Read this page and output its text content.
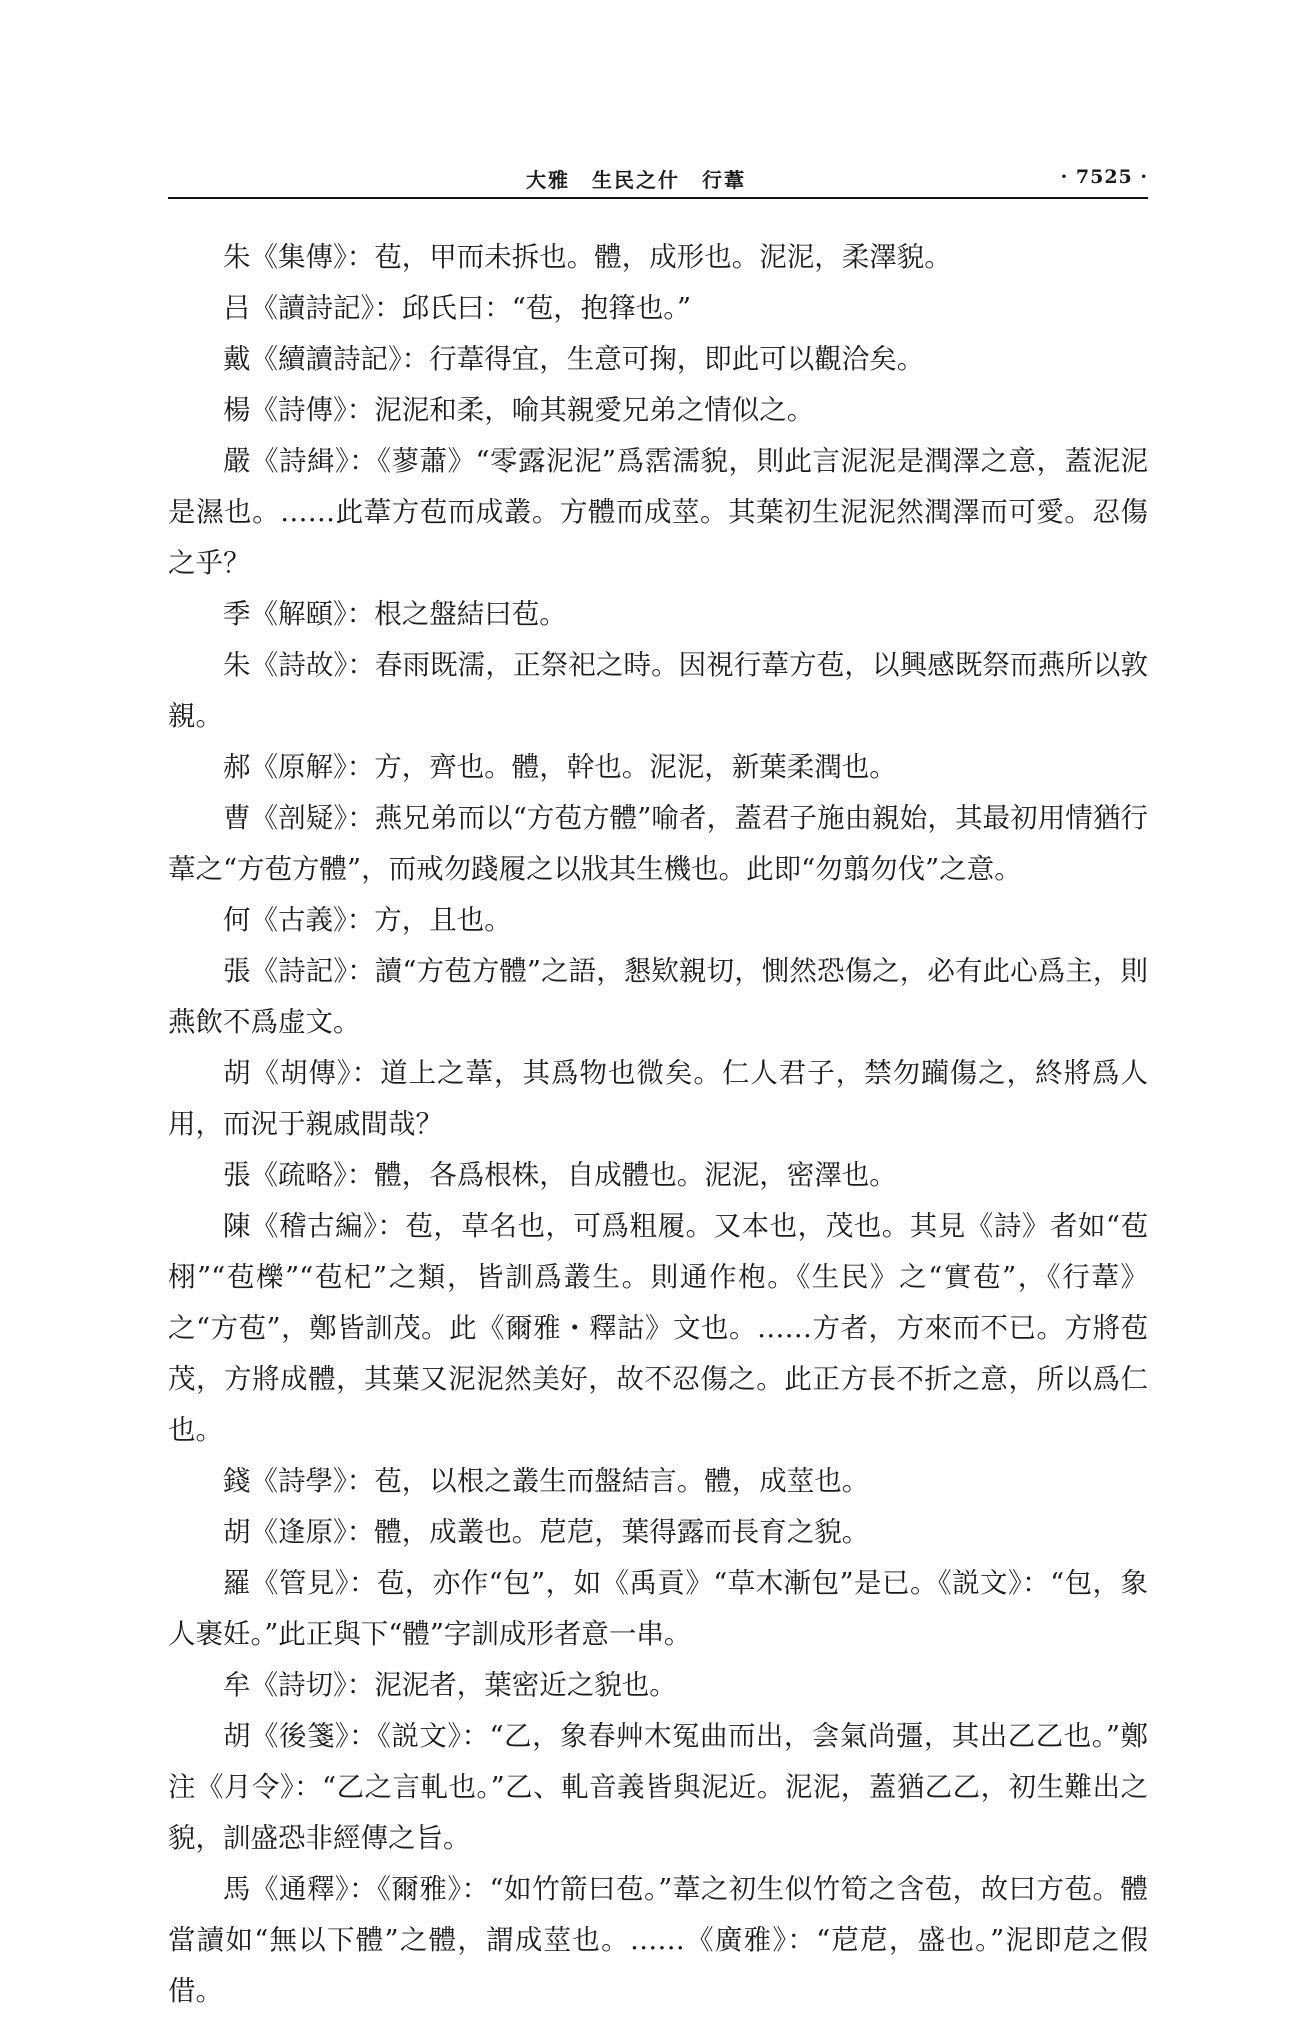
大雅　生民之什　行葦	· 7525 ·

朱《集傳》：苞，甲而未拆也。體，成形也。泥泥，柔澤貌。

吕《讀詩記》：邱氏曰：“苞，抱箨也。”

戴《續讀詩記》：行葦得宜，生意可掬，即此可以觀洽矣。

楊《詩傳》：泥泥和柔，喻其親愛兄弟之情似之。

嚴《詩緝》：《蓼蕭》“零露泥泥”爲霑濡貌，則此言泥泥是潤澤之意，蓋泥泥是濕也。……此葦方苞而成叢。方體而成莖。其葉初生泥泥然潤澤而可愛。忍傷之乎？

季《解頤》：根之盤結曰苞。

朱《詩故》：春雨既濡，正祭祀之時。因視行葦方苞，以興感既祭而燕所以敦親。

郝《原解》：方，齊也。體，幹也。泥泥，新葉柔潤也。

曹《剖疑》：燕兄弟而以“方苞方體”喻者，蓋君子施由親始，其最初用情猶行葦之“方苞方體”，而戒勿踐履之以戕其生機也。此即“勿翦勿伐”之意。

何《古義》：方，且也。

張《詩記》：讀“方苞方體”之語，懇欵親切，惻然恐傷之，必有此心爲主，則燕飲不爲虚文。

胡《胡傳》：道上之葦，其爲物也微矣。仁人君子，禁勿躏傷之，終將爲人用，而況于親戚間哉？

張《疏略》：體，各爲根株，自成體也。泥泥，密澤也。

陳《稽古編》：苞，草名也，可爲粗履。又本也，茂也。其見《詩》者如“苞栩”“苞櫟”“苞杞”之類，皆訓爲叢生。則通作枹。《生民》之“實苞”，《行葦》之“方苞”，鄭皆訓茂。此《爾雅・釋詁》文也。……方者，方來而不已。方將苞茂，方將成體，其葉又泥泥然美好，故不忍傷之。此正方長不折之意，所以爲仁也。

錢《詩學》：苞，以根之叢生而盤結言。體，成莖也。

胡《逢原》：體，成叢也。苨苨，葉得露而長育之貌。

羅《管見》：苞，亦作“包”，如《禹貢》“草木漸包”是已。《説文》：“包，象人裹妊。”此正與下“體”字訓成形者意一串。

牟《詩切》：泥泥者，葉密近之貌也。

胡《後箋》：《説文》：“乙，象春艸木冤曲而出，侌氣尚彊，其出乙乙也。”鄭注《月令》：“乙之言軋也。”乙、軋音義皆與泥近。泥泥，蓋猶乙乙，初生難出之貌，訓盛恐非經傳之旨。

馬《通釋》：《爾雅》：“如竹箭曰苞。”葦之初生似竹筍之含苞，故曰方苞。體當讀如“無以下體”之體，謂成莖也。……《廣雅》：“苨苨，盛也。”泥即苨之假借。
